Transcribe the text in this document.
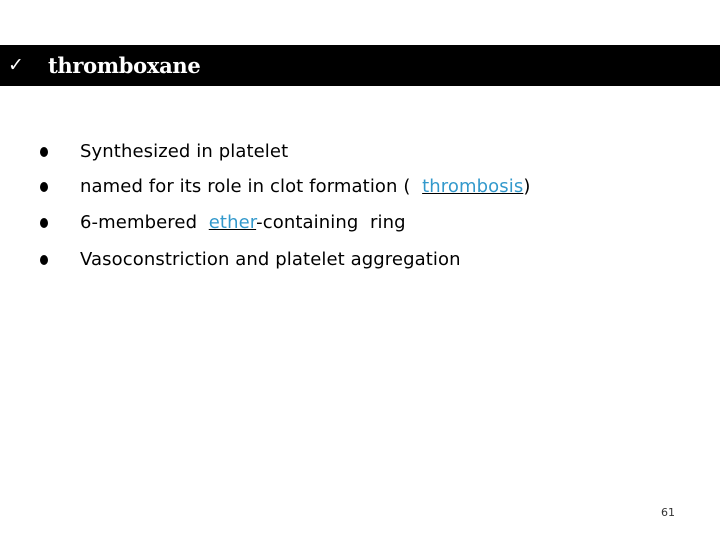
✓ thromboxane
Synthesized in platelet
named for its role in clot formation (  thrombosis)
6-membered  ether-containing  ring
Vasoconstriction and platelet aggregation
61
